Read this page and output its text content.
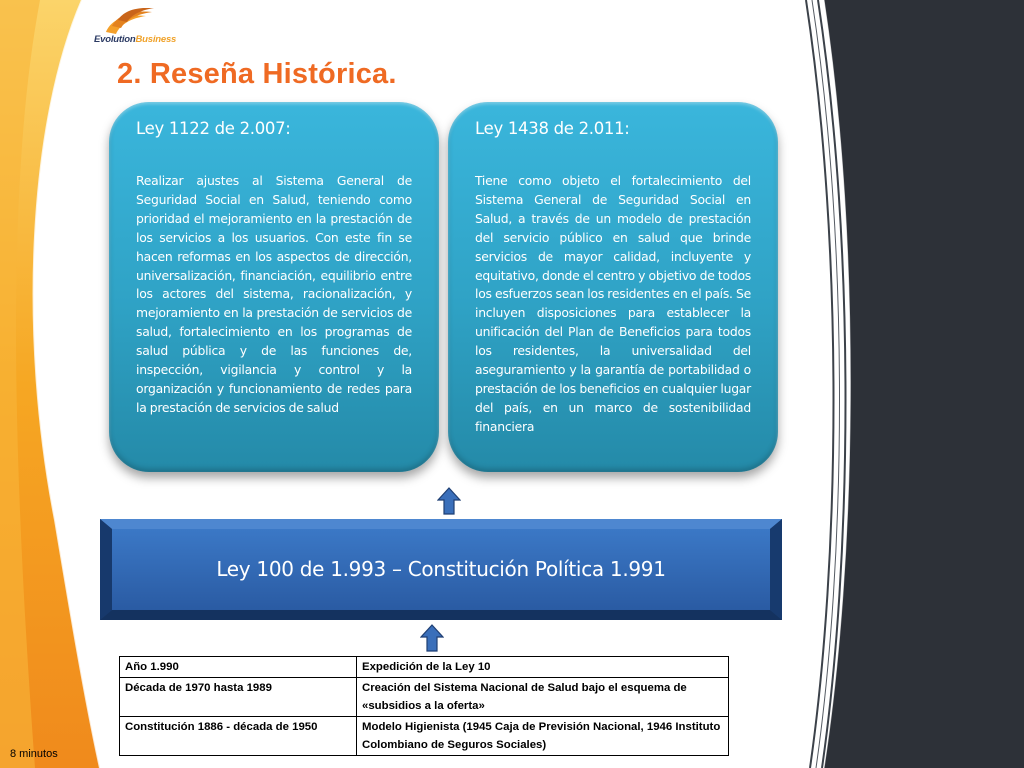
EvolutionBusiness
2. Reseña Histórica.
Ley 1122 de 2.007:
Realizar ajustes al Sistema General de Seguridad Social en Salud, teniendo como prioridad el mejoramiento en la prestación de los servicios a los usuarios. Con este fin se hacen reformas en los aspectos de dirección, universalización, financiación, equilibrio entre los actores del sistema, racionalización, y mejoramiento en la prestación de servicios de salud, fortalecimiento en los programas de salud pública y de las funciones de, inspección, vigilancia y control y la organización y funcionamiento de redes para la prestación de servicios de salud
Ley 1438 de 2.011:
Tiene como objeto el fortalecimiento del Sistema General de Seguridad Social en Salud, a través de un modelo de prestación del servicio público en salud que brinde servicios de mayor calidad, incluyente y equitativo, donde el centro y objetivo de todos los esfuerzos sean los residentes en el país. Se incluyen disposiciones para establecer la unificación del Plan de Beneficios para todos los residentes, la universalidad del aseguramiento y la garantía de portabilidad o prestación de los beneficios en cualquier lugar del país, en un marco de sostenibilidad financiera
Ley 100 de 1.993 – Constitución Política 1.991
Año 1.990	Expedición de la Ley 10
Década de 1970 hasta 1989	Creación del Sistema Nacional de Salud bajo el esquema de «subsidios a la oferta»
Constitución 1886 - década de 1950	Modelo Higienista (1945 Caja de Previsión Nacional, 1946 Instituto Colombiano de Seguros Sociales)
8 minutos
